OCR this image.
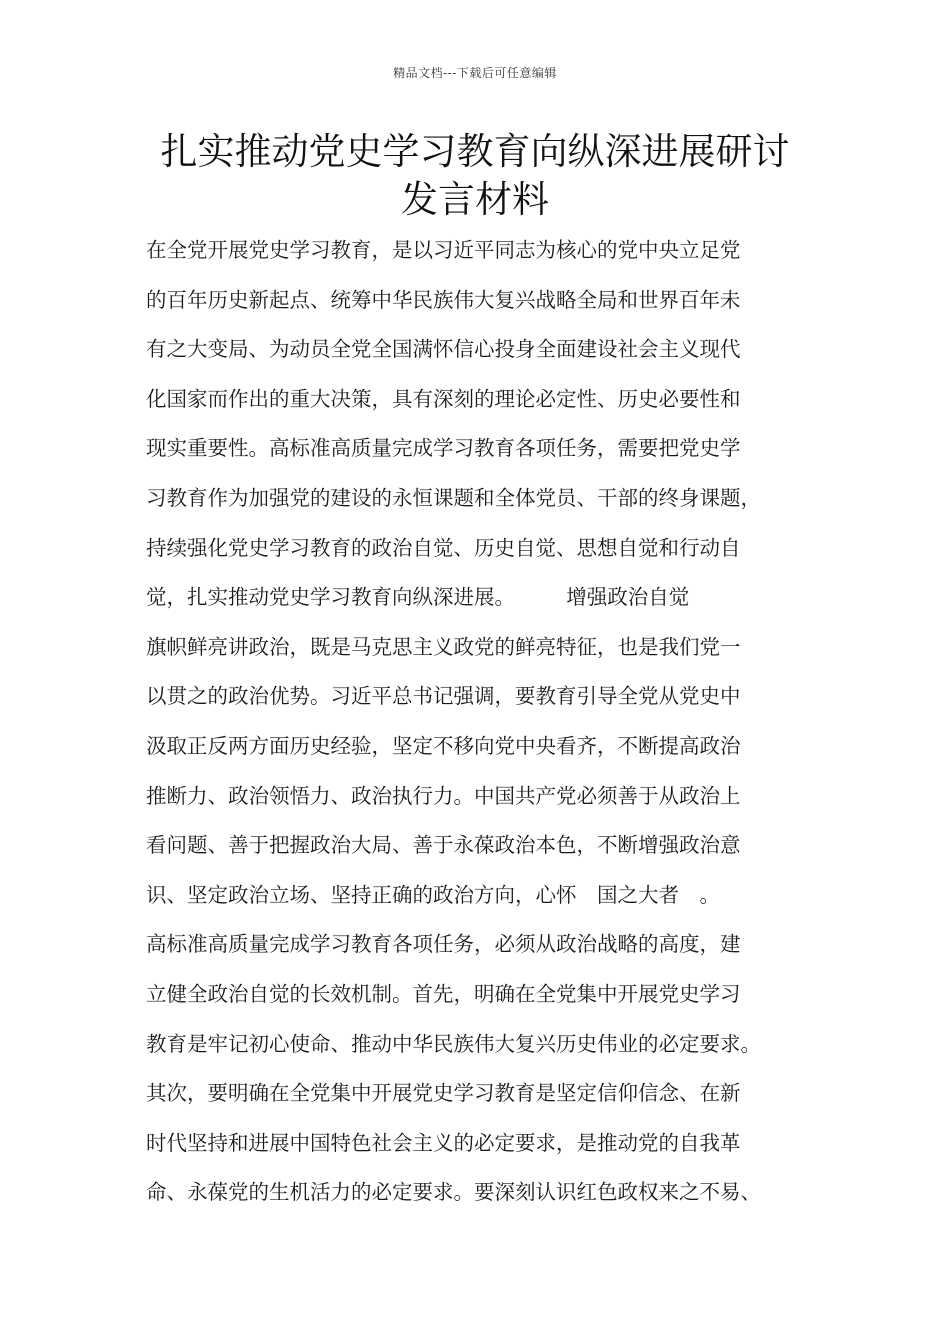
精品文档---下载后可任意编辑
扎实推动党史学习教育向纵深进展研讨
发言材料
在全党开展党史学习教育，是以习近平同志为核心的党中央立足党
的百年历史新起点、统筹中华民族伟大复兴战略全局和世界百年未
有之大变局、为动员全党全国满怀信心投身全面建设社会主义现代
化国家而作出的重大决策，具有深刻的理论必定性、历史必要性和
现实重要性。高标准高质量完成学习教育各项任务，需要把党史学
习教育作为加强党的建设的永恒课题和全体党员、干部的终身课题，
持续强化党史学习教育的政治自觉、历史自觉、思想自觉和行动自
觉，扎实推动党史学习教育向纵深进展。　　　增强政治自觉
旗帜鲜亮讲政治，既是马克思主义政党的鲜亮特征，也是我们党一
以贯之的政治优势。习近平总书记强调，要教育引导全党从党史中
汲取正反两方面历史经验，坚定不移向党中央看齐，不断提高政治
推断力、政治领悟力、政治执行力。中国共产党必须善于从政治上
看问题、善于把握政治大局、善于永葆政治本色，不断增强政治意
识、坚定政治立场、坚持正确的政治方向，心怀　国之大者　。
高标准高质量完成学习教育各项任务，必须从政治战略的高度，建
立健全政治自觉的长效机制。首先，明确在全党集中开展党史学习
教育是牢记初心使命、推动中华民族伟大复兴历史伟业的必定要求。
其次，要明确在全党集中开展党史学习教育是坚定信仰信念、在新
时代坚持和进展中国特色社会主义的必定要求，是推动党的自我革
命、永葆党的生机活力的必定要求。要深刻认识红色政权来之不易、
